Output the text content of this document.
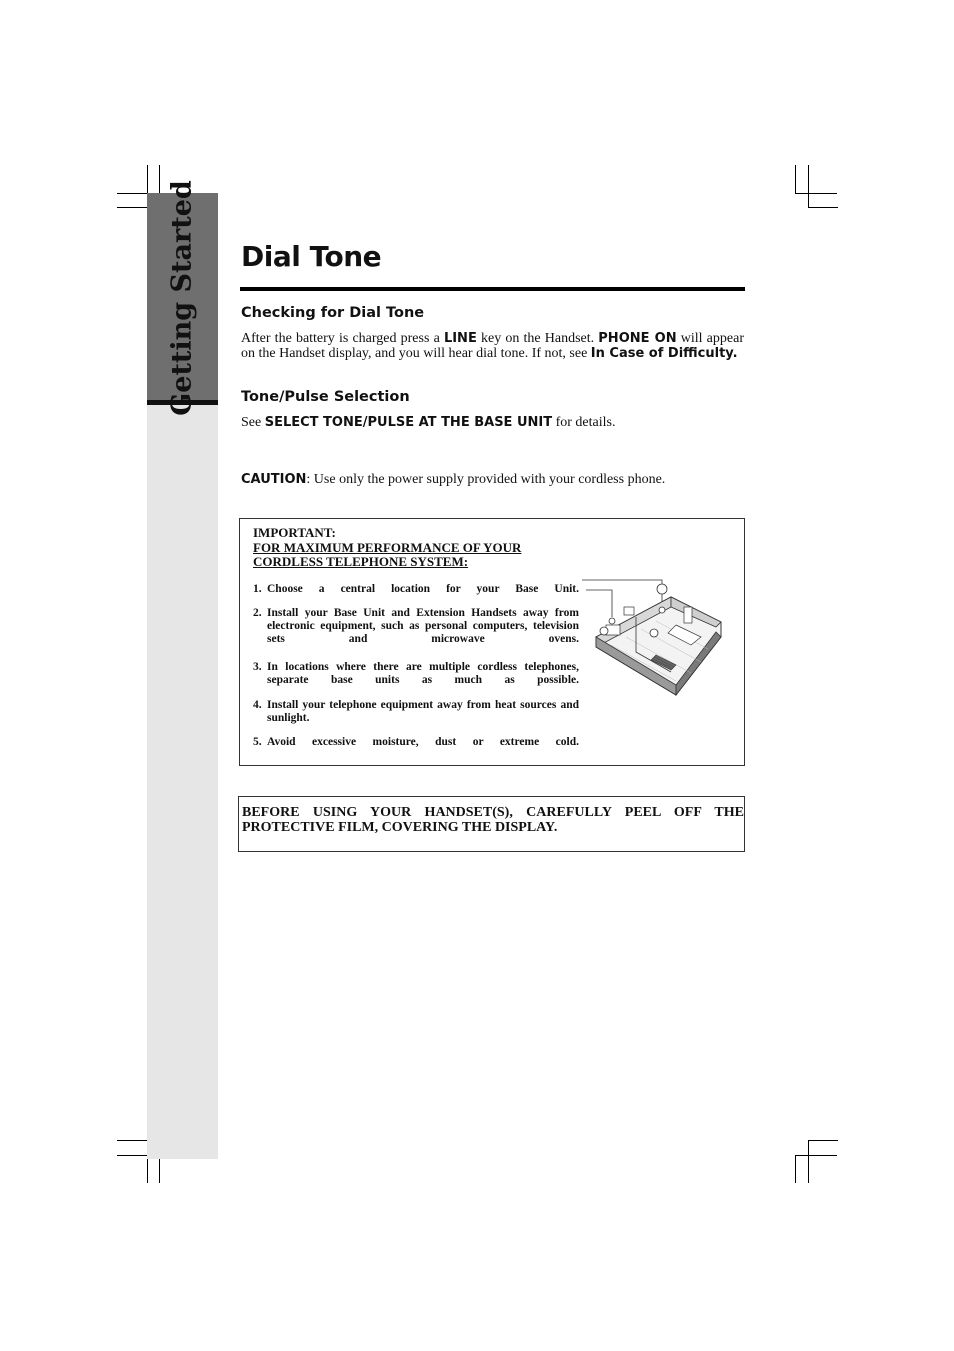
Getting Started Dial Tone
Checking for Dial Tone
After the battery is charged press a LINE key on the Handset. PHONE ON will appear on the Handset display, and you will hear dial tone. If not, see In Case of Difficulty.
Tone/Pulse Selection
See SELECT TONE/PULSE AT THE BASE UNIT for details.
CAUTION: Use only the power supply provided with your cordless phone.
IMPORTANT:
FOR MAXIMUM PERFORMANCE OF YOUR
CORDLESS TELEPHONE SYSTEM:
1. Choose a central location for your Base Unit.
2. Install your Base Unit and Extension Handsets away from electronic equipment, such as personal computers, television sets and microwave ovens.
3. In locations where there are multiple cordless telephones, separate base units as much as possible.
4. Install your telephone equipment away from heat sources and sunlight.
5. Avoid excessive moisture, dust or extreme cold.

BEFORE USING YOUR HANDSET(S), CAREFULLY PEEL OFF THE PROTECTIVE FILM, COVERING THE DISPLAY.
